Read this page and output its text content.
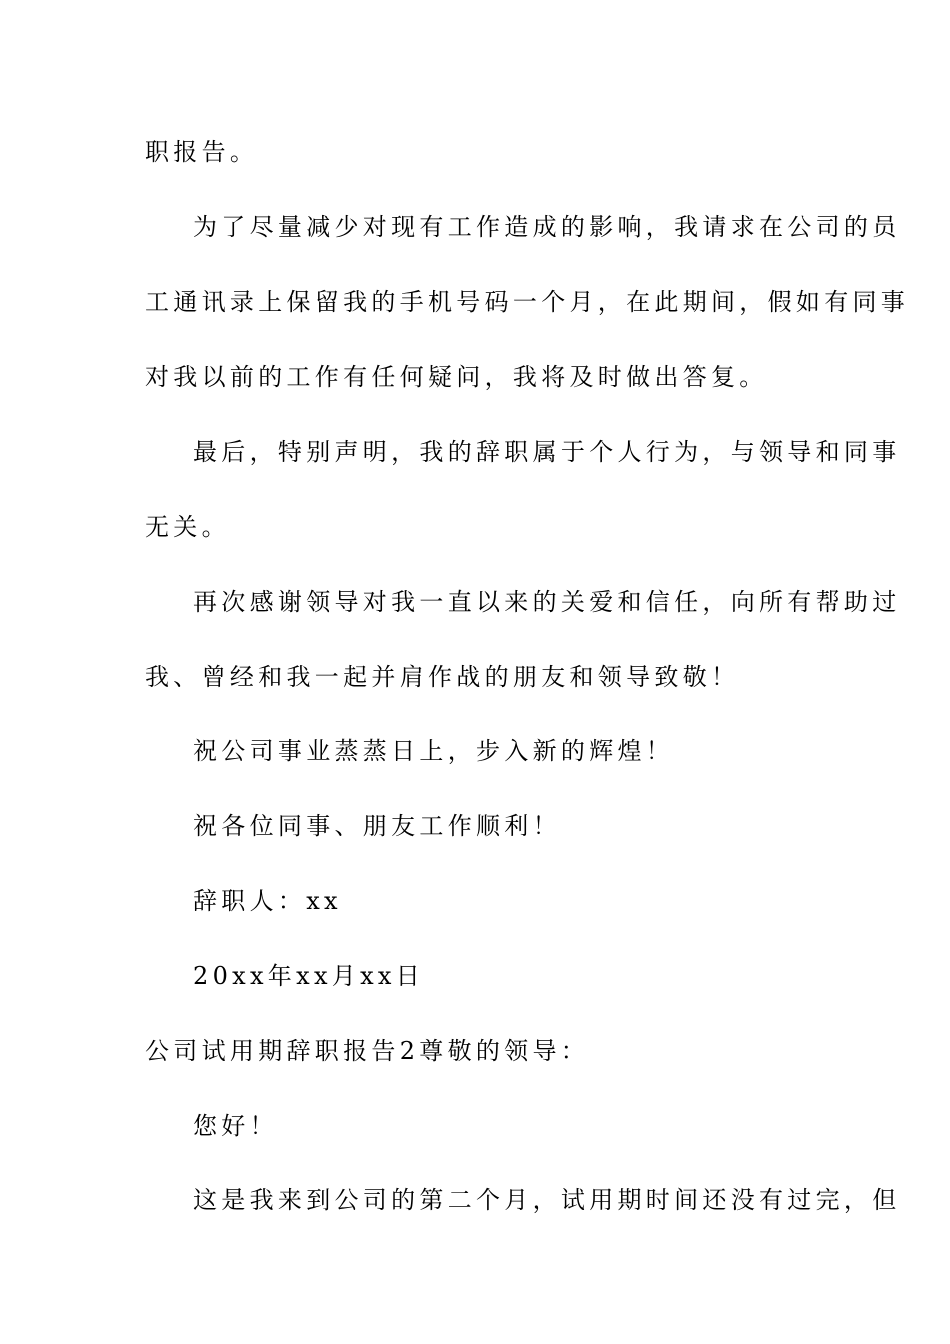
职报告。
为了尽量减少对现有工作造成的影响，我请求在公司的员
工通讯录上保留我的手机号码一个月，在此期间，假如有同事
对我以前的工作有任何疑问，我将及时做出答复。
最后，特别声明，我的辞职属于个人行为，与领导和同事
无关。
再次感谢领导对我一直以来的关爱和信任，向所有帮助过
我、曾经和我一起并肩作战的朋友和领导致敬！
祝公司事业蒸蒸日上，步入新的辉煌！
祝各位同事、朋友工作顺利！
辞职人：xx
20xx年xx月xx日
公司试用期辞职报告2尊敬的领导：
您好！
这是我来到公司的第二个月，试用期时间还没有过完，但
